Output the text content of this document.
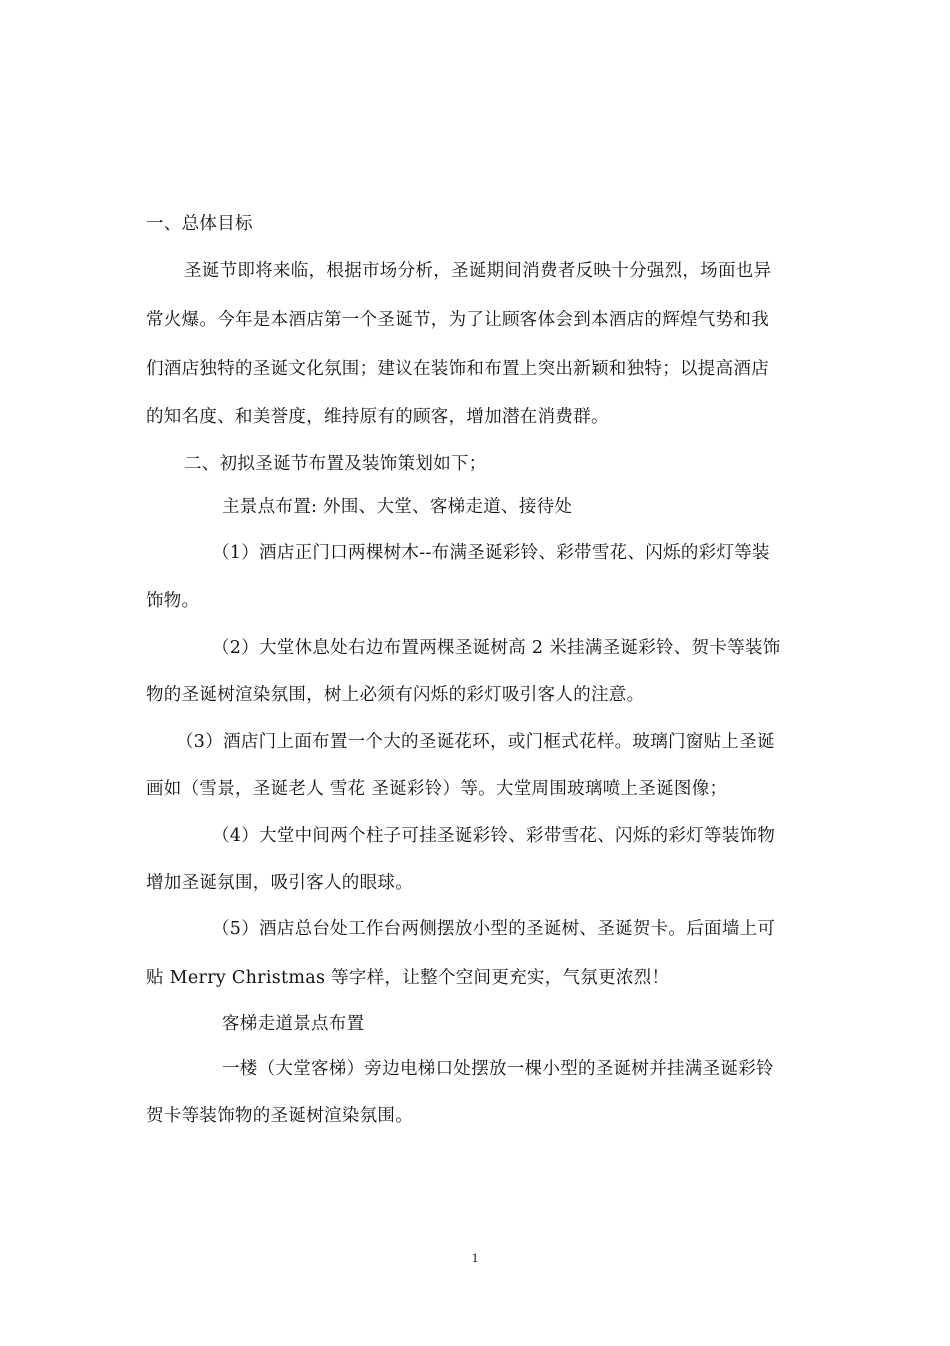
一、总体目标
圣诞节即将来临，根据市场分析，圣诞期间消费者反映十分强烈，场面也异
常火爆。今年是本酒店第一个圣诞节，为了让顾客体会到本酒店的辉煌气势和我
们酒店独特的圣诞文化氛围；建议在装饰和布置上突出新颖和独特；以提高酒店
的知名度、和美誉度，维持原有的顾客，增加潜在消费群。
二、初拟圣诞节布置及装饰策划如下；
主景点布置: 外围、大堂、客梯走道、接待处
（1）酒店正门口两棵树木--布满圣诞彩铃、彩带雪花、闪烁的彩灯等装
饰物。
（2）大堂休息处右边布置两棵圣诞树高 2 米挂满圣诞彩铃、贺卡等装饰
物的圣诞树渲染氛围，树上必须有闪烁的彩灯吸引客人的注意。
（3）酒店门上面布置一个大的圣诞花环，或门框式花样。玻璃门窗贴上圣诞
画如（雪景，圣诞老人 雪花 圣诞彩铃）等。大堂周围玻璃喷上圣诞图像；
（4）大堂中间两个柱子可挂圣诞彩铃、彩带雪花、闪烁的彩灯等装饰物
增加圣诞氛围，吸引客人的眼球。
（5）酒店总台处工作台两侧摆放小型的圣诞树、圣诞贺卡。后面墙上可
贴 Merry Christmas 等字样，让整个空间更充实，气氛更浓烈！
客梯走道景点布置
一楼（大堂客梯）旁边电梯口处摆放一棵小型的圣诞树并挂满圣诞彩铃
贺卡等装饰物的圣诞树渲染氛围。
1
